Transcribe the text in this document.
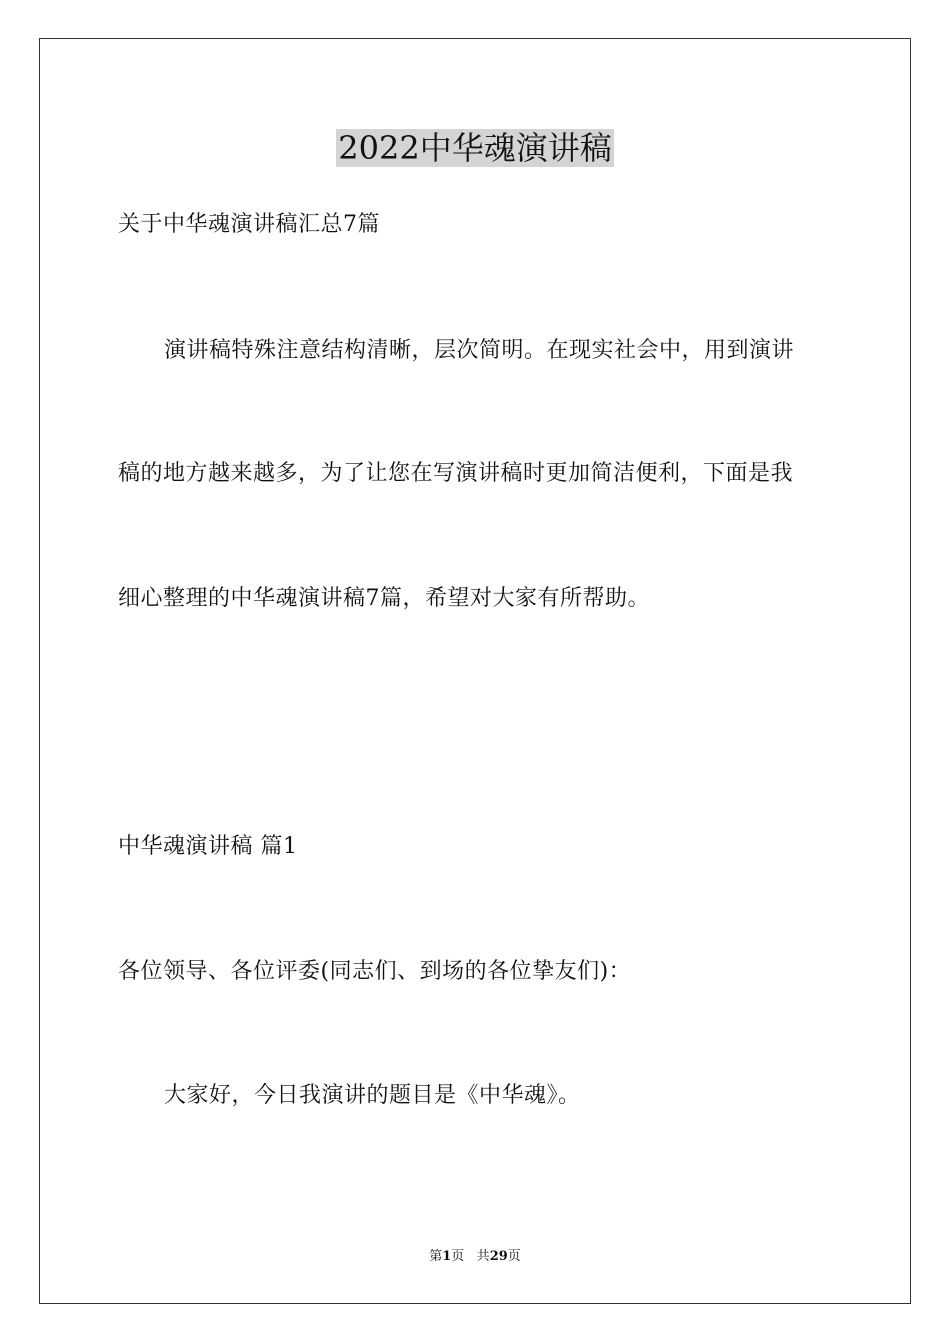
2022中华魂演讲稿
关于中华魂演讲稿汇总7篇
演讲稿特殊注意结构清晰，层次简明。在现实社会中，用到演讲
稿的地方越来越多，为了让您在写演讲稿时更加简洁便利，下面是我
细心整理的中华魂演讲稿7篇，希望对大家有所帮助。
中华魂演讲稿 篇1
各位领导、各位评委(同志们、到场的各位挚友们)：
大家好，今日我演讲的题目是《中华魂》。
第1页 共29页
